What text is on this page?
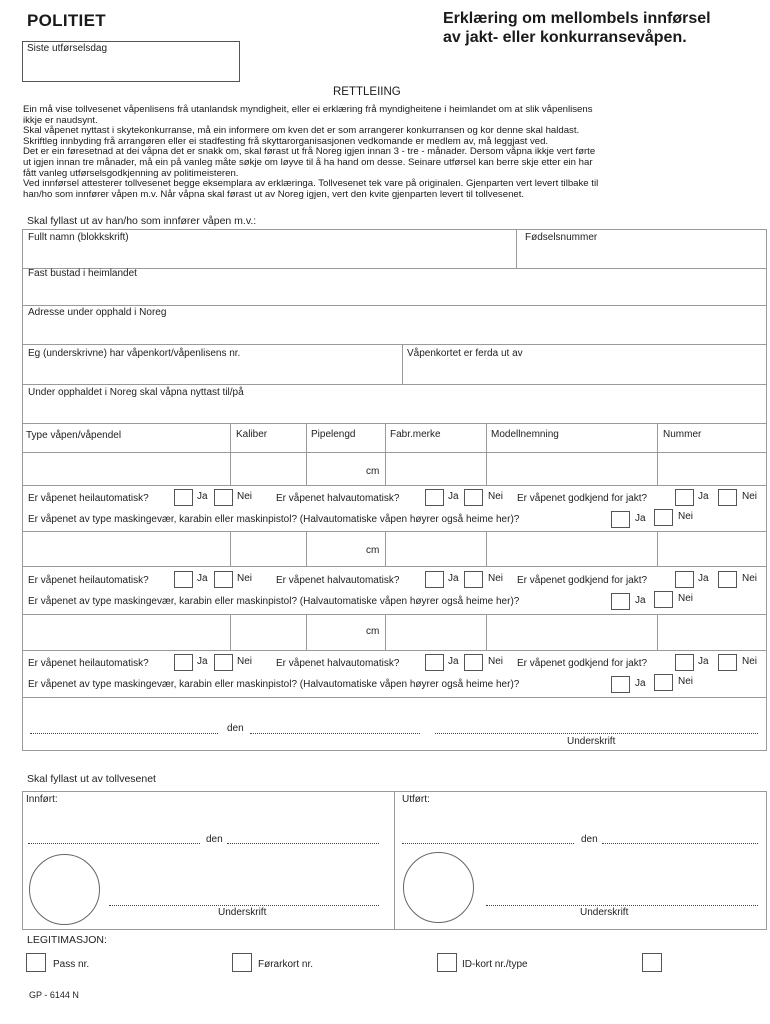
POLITIET	Erklæring om mellombels innførsel
av jakt- eller konkurransevåpen.
Siste utførselsdag
RETTLEIING
Ein må vise tollvesenet våpenlisens frå utanlandsk myndigheit, eller ei erklæring frå myndigheitene i heimlandet om at slik våpenlisens
ikkje er naudsynt.
Skal våpenet nyttast i skytekonkurranse, må ein informere om kven det er som arrangerer konkurransen og kor denne skal haldast.
Skriftleg innbyding frå arrangøren eller ei stadfesting frå skyttarorganisasjonen vedkomande er medlem av, må leggjast ved.
Det er ein føresetnad at dei våpna det er snakk om, skal førast ut frå Noreg igjen innan 3 - tre - månader. Dersom våpna ikkje vert førte
ut igjen innan tre månader, må ein på vanleg måte søkje om løyve til å ha hand om desse. Seinare utførsel kan berre skje etter ein har
fått vanleg utførselsgodkjenning av politimeisteren.
Ved innførsel attesterer tollvesenet begge eksemplara av erklæringa. Tollvesenet tek vare på originalen. Gjenparten vert levert tilbake til
han/ho som innfører våpen m.v. Når våpna skal førast ut av Noreg igjen, vert den kvite gjenparten levert til tollvesenet.
Skal fyllast ut av han/ho som innfører våpen m.v.:
Fullt namn (blokkskrift)	Fødselsnummer
Fast bustad i heimlandet
Adresse under opphald i Noreg
Eg (underskrivne) har våpenkort/våpenlisens nr.	Våpenkortet er ferda ut av
Under opphaldet i Noreg skal våpna nyttast til/på
Type våpen/våpendel	Kaliber	Pipelengd	Fabr.merke	Modellnemning	Nummer
cm
Er våpenet heilautomatisk?	Ja	Nei Er våpenet halvautomatisk?	Ja	Nei Er våpenet godkjend for jakt?	Ja	Nei
Er våpenet av type maskingevær, karabin eller maskinpistol? (Halvautomatiske våpen høyrer også heime her)?	Ja	Nei
cm
Er våpenet heilautomatisk?	Ja	Nei Er våpenet halvautomatisk?	Ja	Nei Er våpenet godkjend for jakt?	Ja	Nei
Er våpenet av type maskingevær, karabin eller maskinpistol? (Halvautomatiske våpen høyrer også heime her)?	Ja	Nei
cm
Er våpenet heilautomatisk?	Ja	Nei Er våpenet halvautomatisk?	Ja	Nei Er våpenet godkjend for jakt?	Ja	Nei
Er våpenet av type maskingevær, karabin eller maskinpistol? (Halvautomatiske våpen høyrer også heime her)?	Ja	Nei
den
Underskrift
Skal fyllast ut av tollvesenet
Innført:
den
Underskrift
Utført:
den
Underskrift
LEGITIMASJON:
Pass nr.	Førarkort nr.	ID-kort nr./type
GP - 6144 N
